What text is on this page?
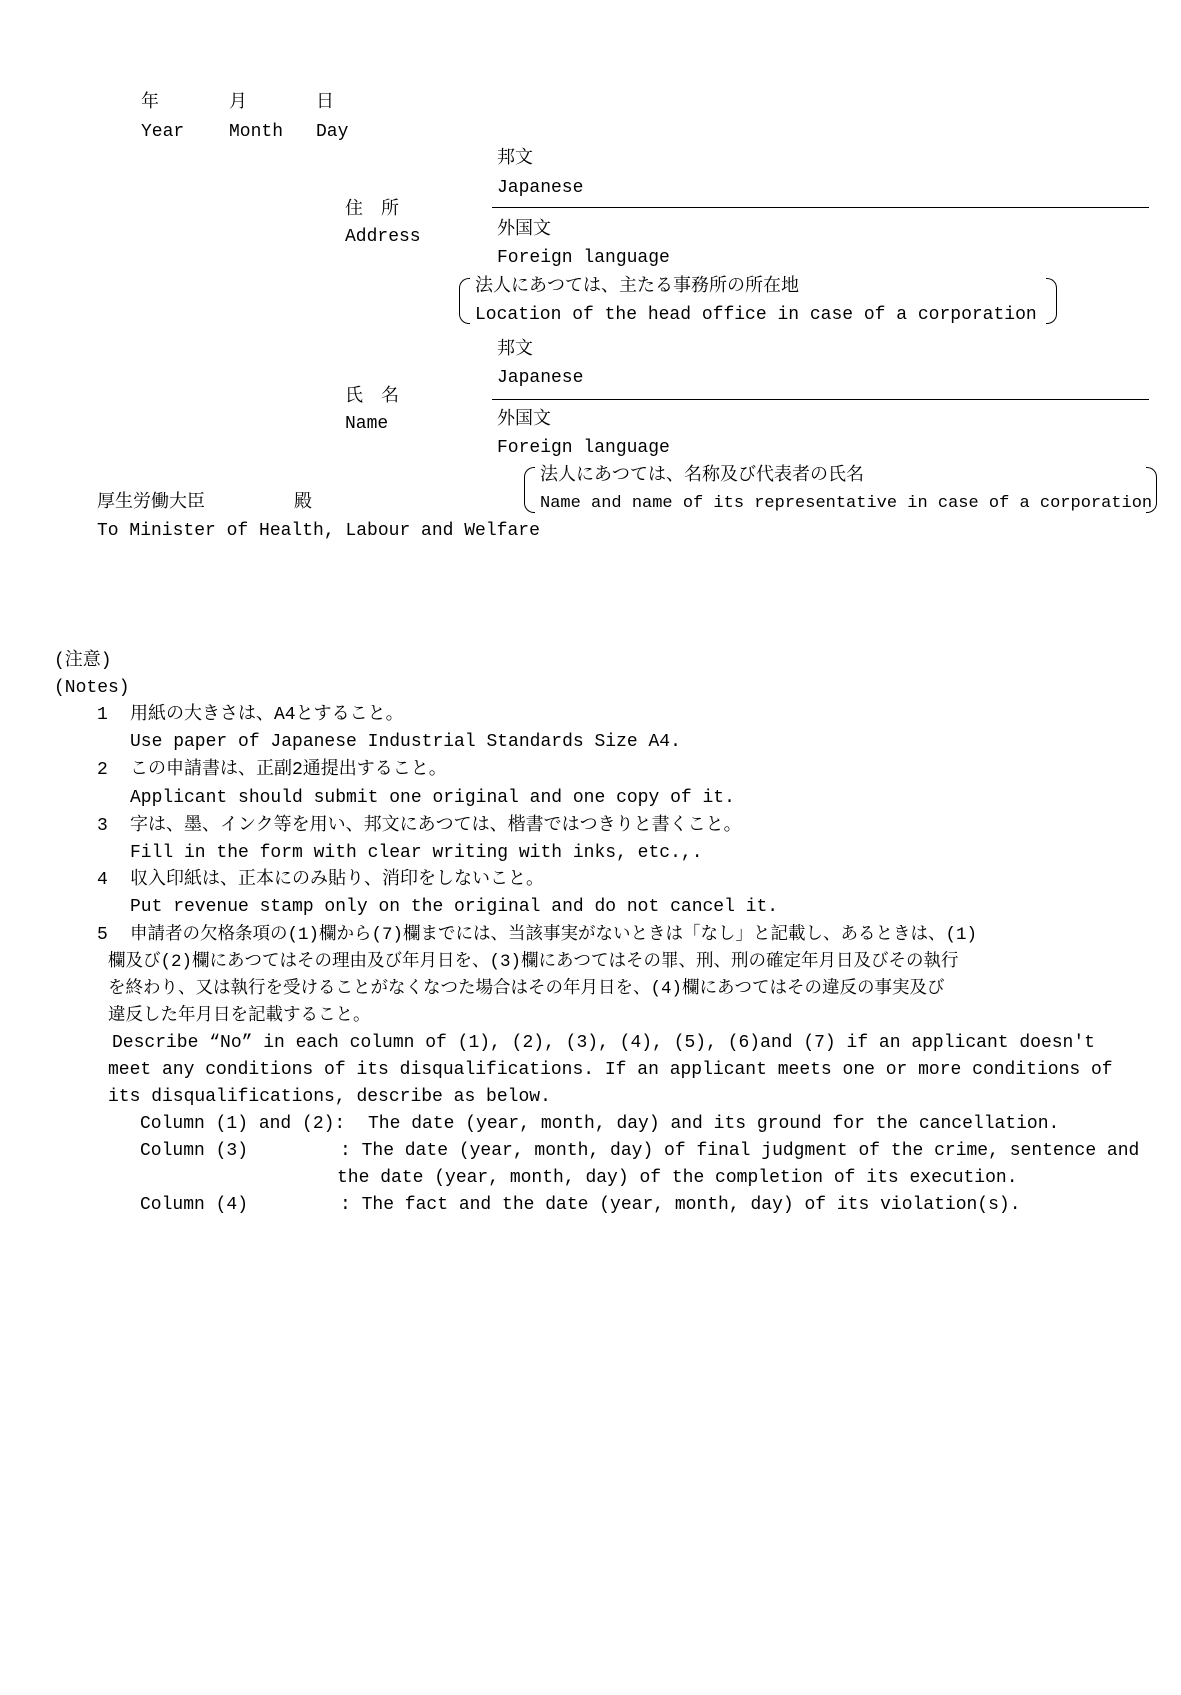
年	月	日
Year Month Day
住　所
Address
邦文
Japanese
外国文
Foreign language
法人にあつては、主たる事務所の所在地
Location of the head office in case of a corporation
氏　名
Name
邦文
Japanese
外国文
Foreign language
法人にあつては、名称及び代表者の氏名
Name and name of its representative in case of a corporation
厚生労働大臣	殿
To Minister of Health, Labour and Welfare
(注意)
(Notes)
1 用紙の大きさは、A4とすること。
Use paper of Japanese Industrial Standards Size A4.
2 この申請書は、正副2通提出すること。
Applicant should submit one original and one copy of it.
3 字は、墨、インク等を用い、邦文にあつては、楷書ではつきりと書くこと。
Fill in the form with clear writing with inks, etc.,.
4 収入印紙は、正本にのみ貼り、消印をしないこと。
Put revenue stamp only on the original and do not cancel it.
5 申請者の欠格条項の(1)欄から(7)欄までには、当該事実がないときは「なし」と記載し、あるときは、(1)
欄及び(2)欄にあつてはその理由及び年月日を、(3)欄にあつてはその罪、刑、刑の確定年月日及びその執行
を終わり、又は執行を受けることがなくなつた場合はその年月日を、(4)欄にあつてはその違反の事実及び
違反した年月日を記載すること。
Describe “No” in each column of (1), (2), (3), (4), (5), (6)and (7) if an applicant doesn't
meet any conditions of its disqualifications. If an applicant meets one or more conditions of
its disqualifications, describe as below.
Column (1) and (2): The date (year, month, day) and its ground for the cancellation.
Column (3)	: The date (year, month, day) of final judgment of the crime, sentence and
the date (year, month, day) of the completion of its execution.
Column (4)	: The fact and the date (year, month, day) of its violation(s).
